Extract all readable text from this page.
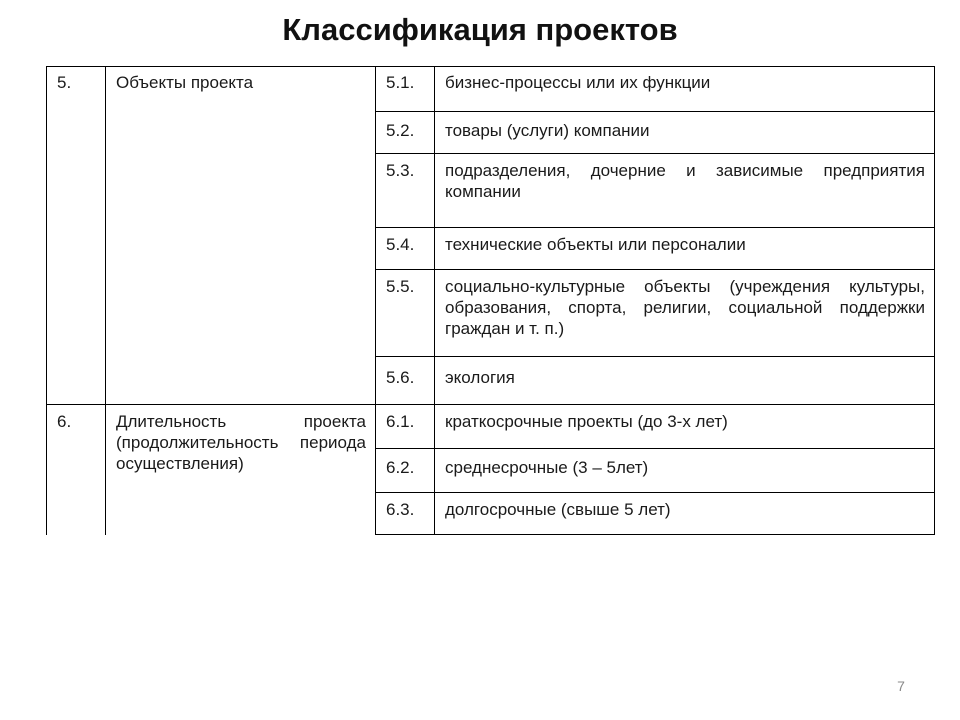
Классификация проектов
5.	Объекты проекта	5.1.	бизнес-процессы или их функции
		5.2.	товары (услуги) компании
		5.3.	подразделения, дочерние и зависимые предприятия компании
		5.4.	технические объекты или персоналии
		5.5.	социально-культурные объекты (учреждения культуры, образования, спорта, религии, социальной поддержки граждан и т. п.)
		5.6.	экология
6.	Длительность проекта (продолжительность периода осуществления)	6.1.	краткосрочные проекты (до 3-х лет)
		6.2.	среднесрочные (3 – 5лет)
		6.3.	долгосрочные (свыше 5 лет)
7
